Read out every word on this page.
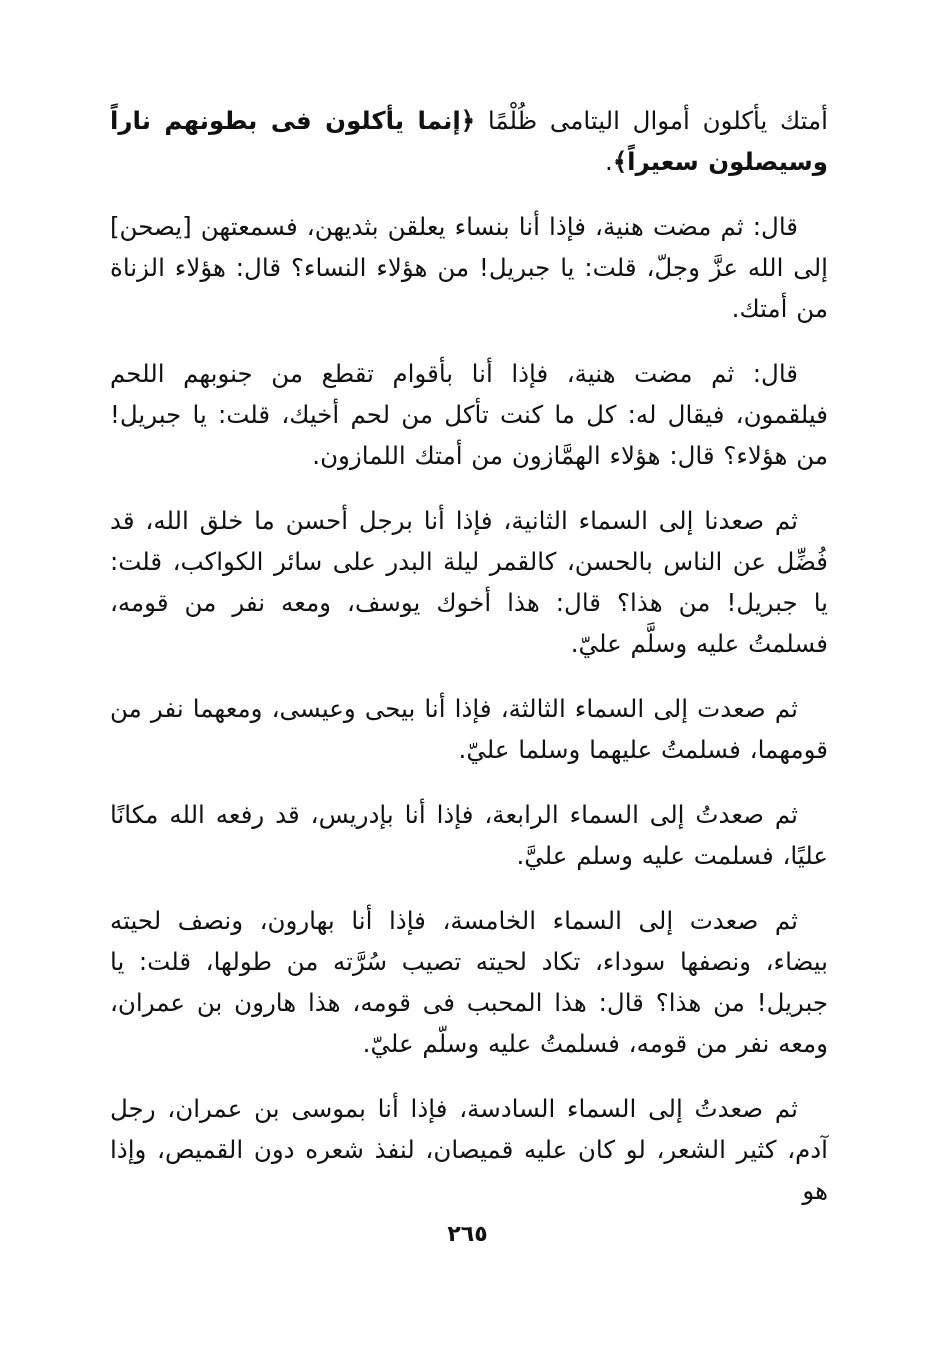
أمتك يأكلون أموال اليتامى ظُلْمًا ﴿إنما يأكلون فى بطونهم ناراً وسيصلون سعيراً﴾.

قال: ثم مضت هنية، فإذا أنا بنساء يعلقن بثديهن، فسمعتهن [يصحن] إلى الله عزَّ وجلّ، قلت: يا جبريل! من هؤلاء النساء؟ قال: هؤلاء الزناة من أمتك.

قال: ثم مضت هنية، فإذا أنا بأقوام تقطع من جنوبهم اللحم فيلقمون، فيقال له: كل ما كنت تأكل من لحم أخيك، قلت: يا جبريل! من هؤلاء؟ قال: هؤلاء الهمَّازون من أمتك اللمازون.

ثم صعدنا إلى السماء الثانية، فإذا أنا برجل أحسن ما خلق الله، قد فُضِّل عن الناس بالحسن، كالقمر ليلة البدر على سائر الكواكب، قلت: يا جبريل! من هذا؟ قال: هذا أخوك يوسف، ومعه نفر من قومه، فسلمتُ عليه وسلَّم عليّ.

ثم صعدت إلى السماء الثالثة، فإذا أنا بيحى وعيسى، ومعهما نفر من قومهما، فسلمتُ عليهما وسلما عليّ.

ثم صعدتُ إلى السماء الرابعة، فإذا أنا بإدريس، قد رفعه الله مكانًا عليًا، فسلمت عليه وسلم عليَّ.

ثم صعدت إلى السماء الخامسة، فإذا أنا بهارون، ونصف لحيته بيضاء، ونصفها سوداء، تكاد لحيته تصيب سُرَّته من طولها، قلت: يا جبريل! من هذا؟ قال: هذا المحبب فى قومه، هذا هارون بن عمران، ومعه نفر من قومه، فسلمتُ عليه وسلّم عليّ.

ثم صعدتُ إلى السماء السادسة، فإذا أنا بموسى بن عمران، رجل آدم، كثير الشعر، لو كان عليه قميصان، لنفذ شعره دون القميص، وإذا هو

٢٦٥
